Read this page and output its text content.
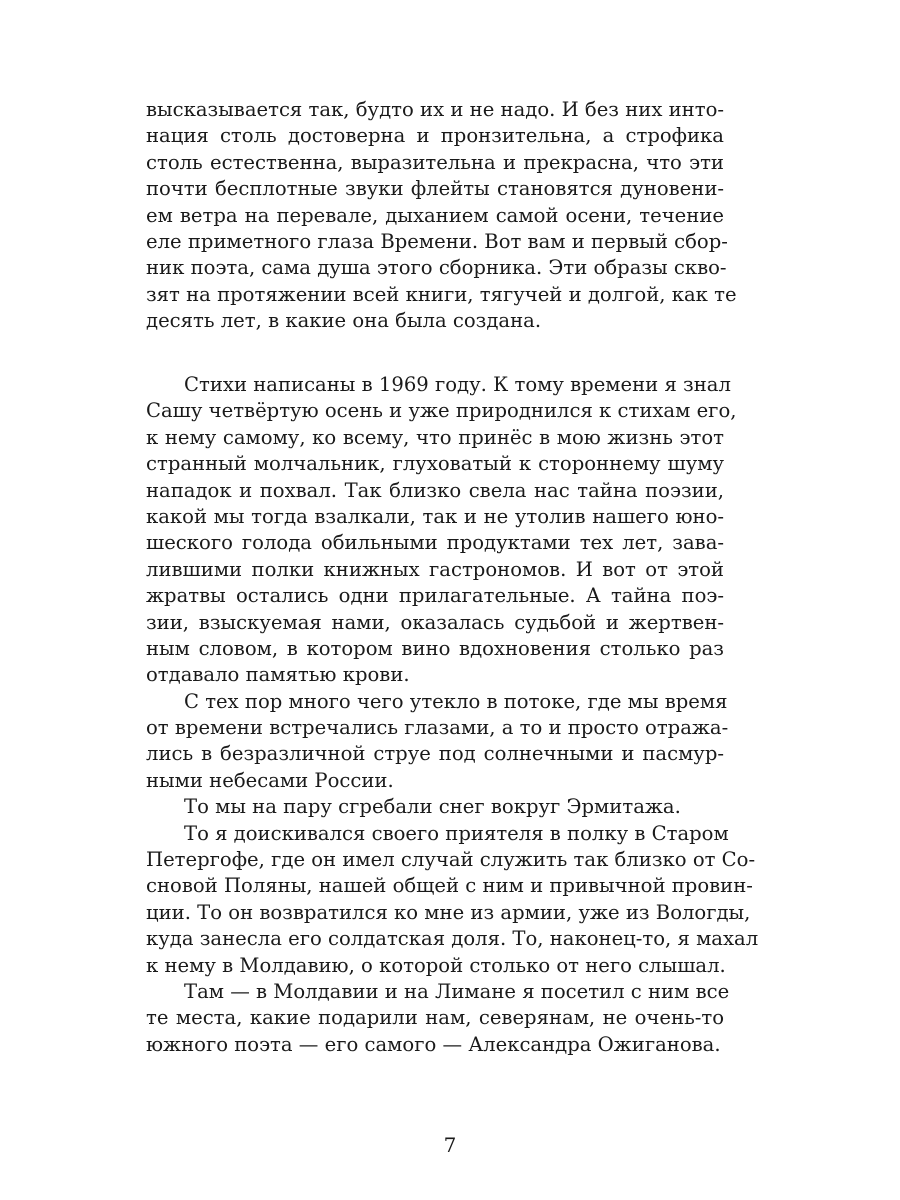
высказывается так, будто их и не надо. И без них инто-
нация столь достоверна и пронзительна, а строфика
столь естественна, выразительна и прекрасна, что эти
почти бесплотные звуки флейты становятся дуновени-
ем ветра на перевале, дыханием самой осени, течение
еле приметного глаза Времени. Вот вам и первый сбор-
ник поэта, сама душа этого сборника. Эти образы скво-
зят на протяжении всей книги, тягучей и долгой, как те
десять лет, в какие она была создана.
Стихи написаны в 1969 году. К тому времени я знал
Сашу четвёртую осень и уже природнился к стихам его,
к нему самому, ко всему, что принёс в мою жизнь этот
странный молчальник, глуховатый к стороннему шуму
нападок и похвал. Так близко свела нас тайна поэзии,
какой мы тогда взалкали, так и не утолив нашего юно-
шеского голода обильными продуктами тех лет, зава-
лившими полки книжных гастрономов. И вот от этой
жратвы остались одни прилагательные. А тайна поэ-
зии, взыскуемая нами, оказалась судьбой и жертвен-
ным словом, в котором вино вдохновения столько раз
отдавало памятью крови.
С тех пор много чего утекло в потоке, где мы время
от времени встречались глазами, а то и просто отража-
лись в безразличной струе под солнечными и пасмур-
ными небесами России.
То мы на пару сгребали снег вокруг Эрмитажа.
То я доискивался своего приятеля в полку в Старом
Петергофе, где он имел случай служить так близко от Со-
сновой Поляны, нашей общей с ним и привычной провин-
ции. То он возвратился ко мне из армии, уже из Вологды,
куда занесла его солдатская доля. То, наконец-то, я махал
к нему в Молдавию, о которой столько от него слышал.
Там — в Молдавии и на Лимане я посетил с ним все
те места, какие подарили нам, северянам, не очень-то
южного поэта — его самого — Александра Ожиганова.
7
